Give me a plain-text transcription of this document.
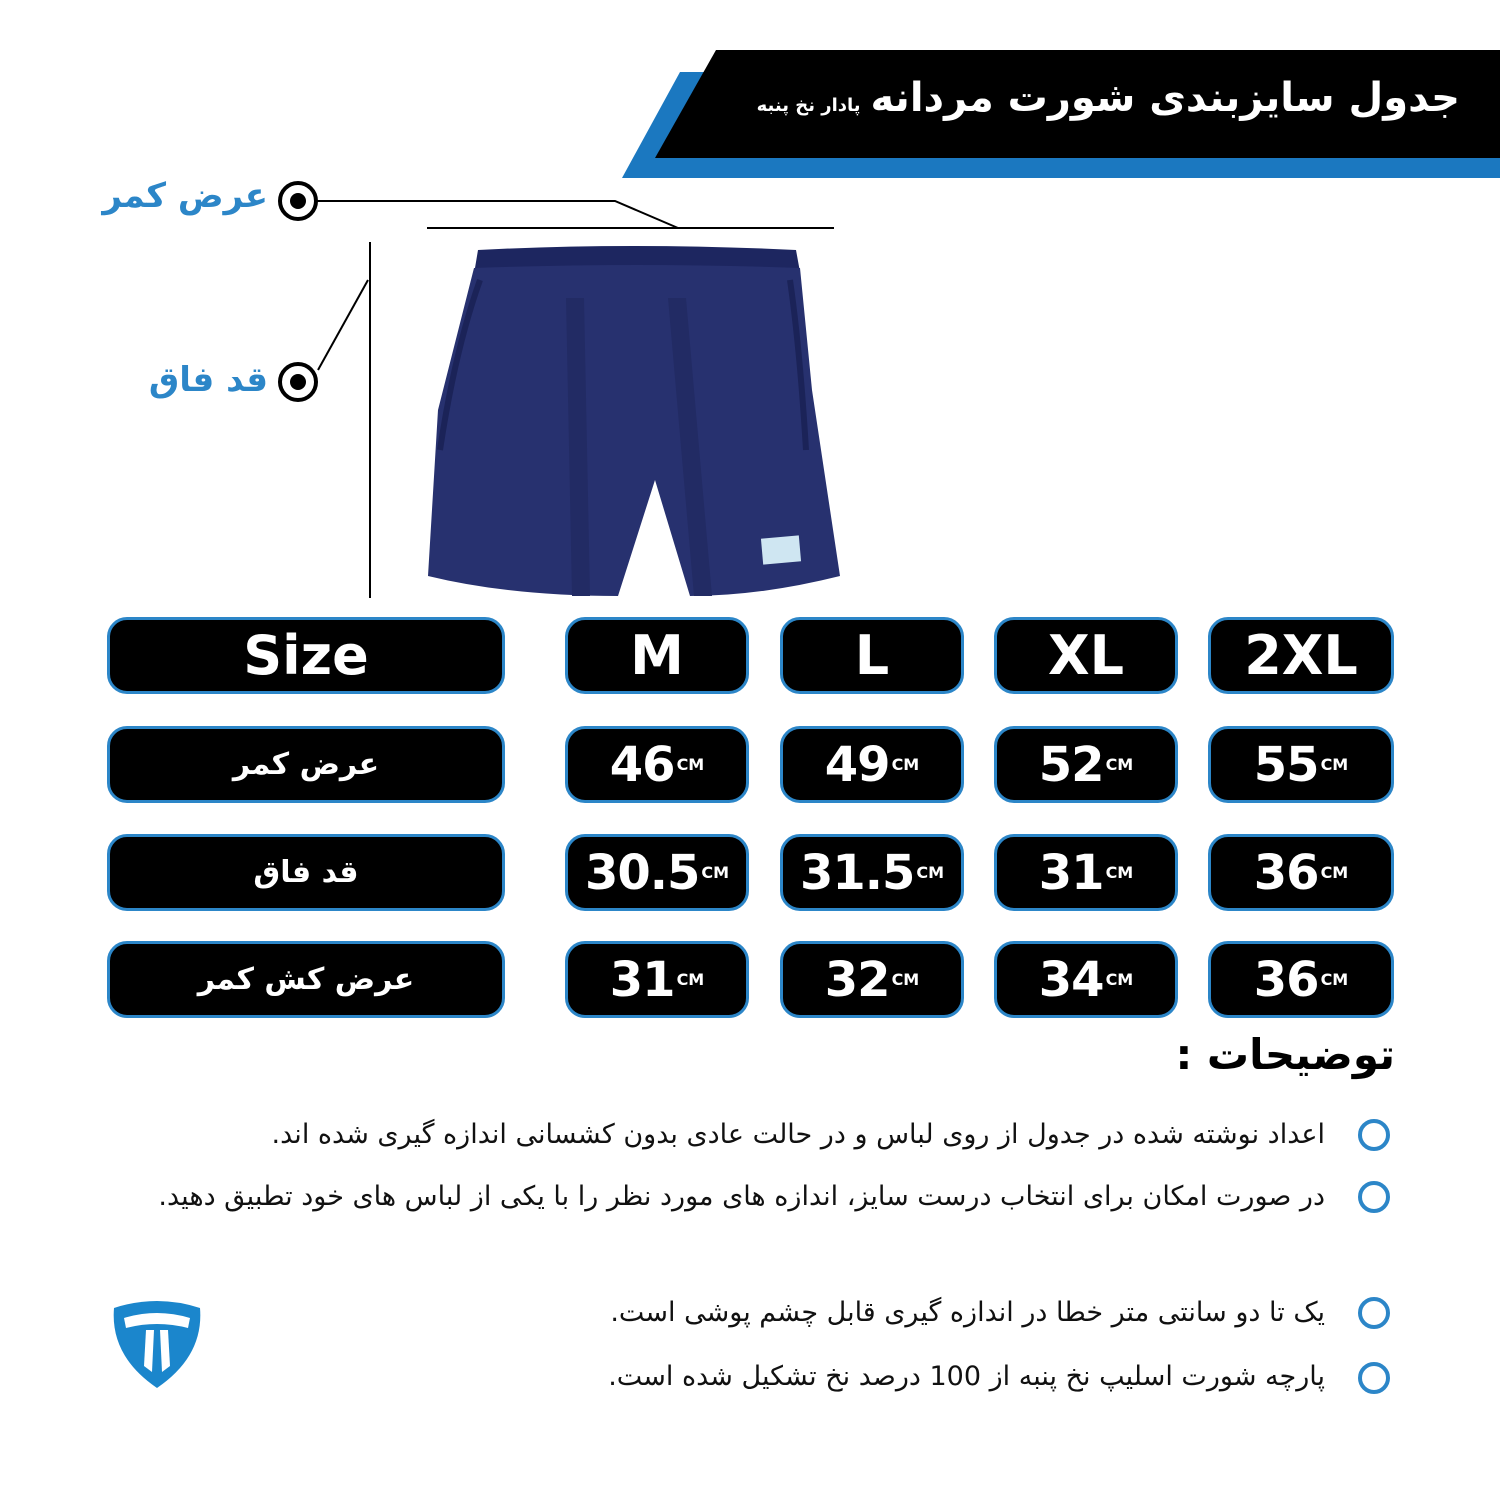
جدول سایزبندی شورت مردانه
پادار نخ پنبه
عرض کمر
قد فاق
Size	M	L	XL	2XL
عرض کمر	46 CM	49 CM 52 CM	55 CM
قد فاق	30.5 CM 31.5 CM 31 CM	36 CM
عرض کش کمر	31 CM	32 CM 34 CM	36 CM
توضیحات :
اعداد نوشته شده در جدول از روی لباس و در حالت عادی بدون کشسانی اندازه گیری شده اند.
در صورت امکان برای انتخاب درست سایز، اندازه های مورد نظر را با یکی از لباس های خود تطبیق دهید.
یک تا دو سانتی متر خطا در اندازه گیری قابل چشم پوشی است.
پارچه شورت اسلیپ نخ پنبه از 100 درصد نخ تشکیل شده است.
